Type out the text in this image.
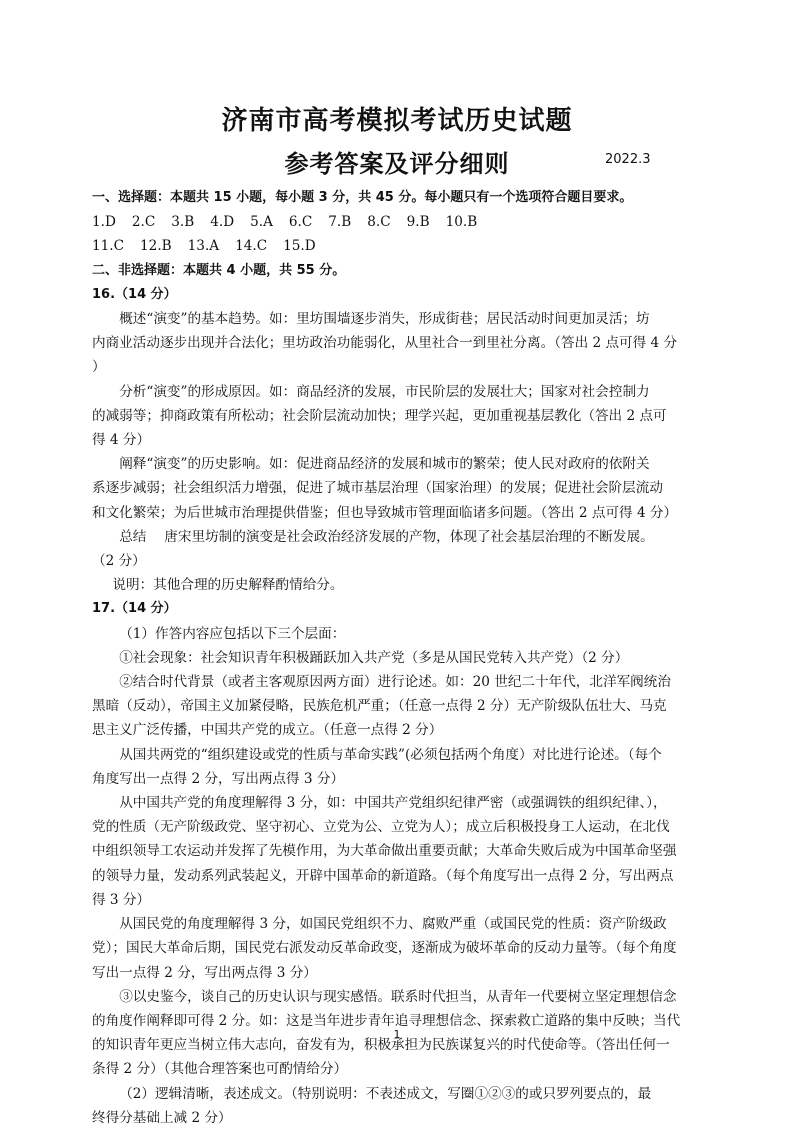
济南市高考模拟考试历史试题
参考答案及评分细则	2022.3

一、选择题：本题共 15 小题，每小题 3 分，共 45 分。每小题只有一个选项符合题目要求。

1.D 2.C 3.B 4.D 5.A 6.C 7.B 8.C 9.B 10.B

11.C 12.B 13.A 14.C 15.D

二、非选择题：本题共 4 小题，共 55 分。

16.（14 分）

概述“演变”的基本趋势。如：里坊围墙逐步消失，形成街巷；居民活动时间更加灵活；坊

内商业活动逐步出现并合法化；里坊政治功能弱化，从里社合一到里社分离。（答出 2 点可得 4 分

）

分析“演变”的形成原因。如：商品经济的发展，市民阶层的发展壮大；国家对社会控制力

的减弱等；抑商政策有所松动；社会阶层流动加快；理学兴起，更加重视基层教化（答出 2 点可

得 4 分）

阐释“演变”的历史影响。如：促进商品经济的发展和城市的繁荣；使人民对政府的依附关

系逐步减弱；社会组织活力增强，促进了城市基层治理（国家治理）的发展；促进社会阶层流动

和文化繁荣；为后世城市治理提供借鉴；但也导致城市管理面临诸多问题。（答出 2 点可得 4 分）

总结　 唐宋里坊制的演变是社会政治经济发展的产物，体现了社会基层治理的不断发展。

（2 分）

说明：其他合理的历史解释酌情给分。

17.（14 分）

（1）作答内容应包括以下三个层面：

①社会现象：社会知识青年积极踊跃加入共产党（多是从国民党转入共产党）（2 分）

②结合时代背景（或者主客观原因两方面）进行论述。如：20 世纪二十年代，北洋军阀统治

黑暗（反动），帝国主义加紧侵略，民族危机严重；（任意一点得 2 分）无产阶级队伍壮大、马克

思主义广泛传播，中国共产党的成立。（任意一点得 2 分）

从国共两党的“组织建设或党的性质与革命实践”(必须包括两个角度）对比进行论述。（每个

角度写出一点得 2 分，写出两点得 3 分）

从中国共产党的角度理解得 3 分，如：中国共产党组织纪律严密（或强调铁的组织纪律、），

党的性质（无产阶级政党、坚守初心、立党为公、立党为人）；成立后积极投身工人运动，在北伐

中组织领导工农运动并发挥了先模作用，为大革命做出重要贡献；大革命失败后成为中国革命坚强

的领导力量，发动系列武装起义，开辟中国革命的新道路。（每个角度写出一点得 2 分，写出两点

得 3 分）

从国民党的角度理解得 3 分，如国民党组织不力、腐败严重（或国民党的性质：资产阶级政

党）；国民大革命后期，国民党右派发动反革命政变，逐渐成为破坏革命的反动力量等。（每个角度

写出一点得 2 分，写出两点得 3 分）

③以史鉴今，谈自己的历史认识与现实感悟。联系时代担当，从青年一代要树立坚定理想信念

的角度作阐释即可得 2 分。如：这是当年进步青年追寻理想信念、探索救亡道路的集中反映；当代

的知识青年更应当树立伟大志向，奋发有为，积极承担为民族谋复兴的时代使命等。（答出任何一

条得 2 分）（其他合理答案也可酌情给分）

（2）逻辑清晰，表述成文。（特别说明：不表述成文，写圈①②③的或只罗列要点的，最

终得分基础上减 2 分）

1
